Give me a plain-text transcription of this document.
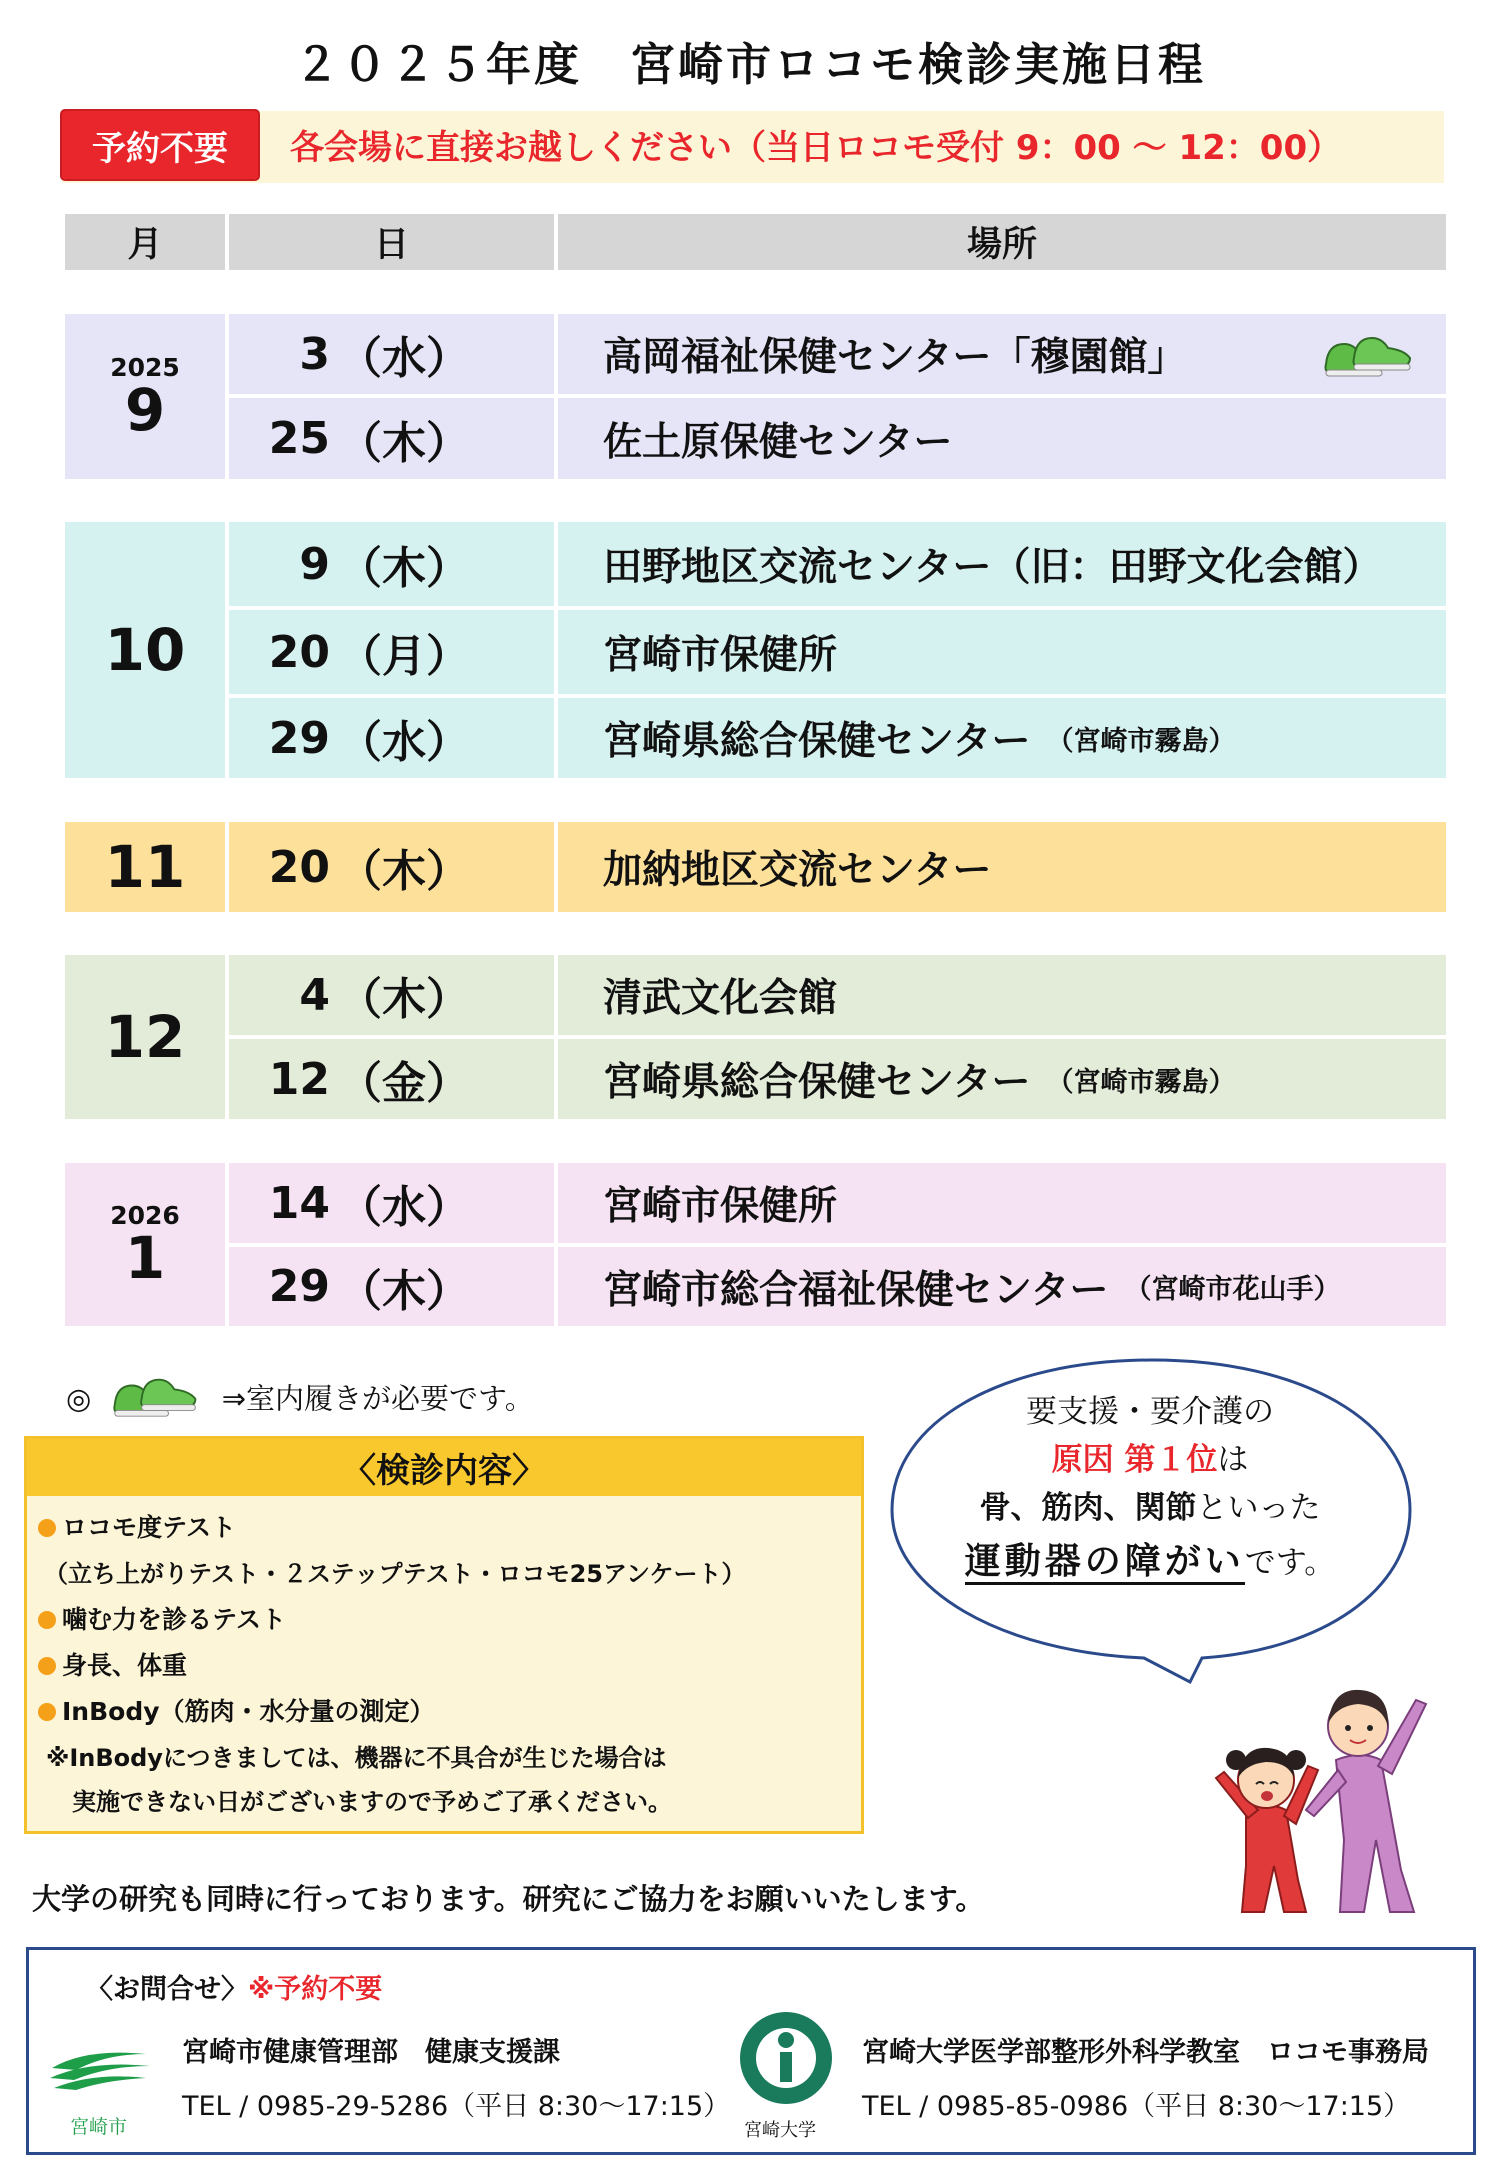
２０２５年度　宮崎市ロコモ検診実施日程
予約不要	各会場に直接お越しください（当日ロコモ受付 9：00 〜 12：00）
月	日	場所
2025
9
3 （水）	高岡福祉保健センター「穆園館」
25 （木）	佐土原保健センター
10
9 （木）	田野地区交流センター（旧：田野文化会館）
20 （月）	宮崎市保健所
29 （水）	宮崎県総合保健センター （宮崎市霧島）
11 20 （木）	加納地区交流センター
12
4 （木）	清武文化会館
12 （金）	宮崎県総合保健センター （宮崎市霧島）
2026
1
14 （水）	宮崎市保健所
29 （木）	宮崎市総合福祉保健センター （宮崎市花山手）
◎	⇒室内履きが必要です。
〈検診内容〉
ロコモ度テスト
（立ち上がりテスト・２ステップテスト・ロコモ25アンケート）
噛む力を診るテスト
身長、体重
InBody（筋肉・水分量の測定）
※InBodyにつきましては、機器に不具合が生じた場合は
実施できない日がございますので予めご了承ください。
要支援・要介護の
原因 第１位は
骨、筋肉、関節といった
運動器の障がいです。
大学の研究も同時に行っております。研究にご協力をお願いいたします。
〈お問合せ〉※予約不要
宮崎市
宮崎市健康管理部　健康支援課
TEL / 0985-29-5286（平日 8:30〜17:15）
宮崎大学
宮崎大学医学部整形外科学教室　ロコモ事務局
TEL / 0985-85-0986（平日 8:30〜17:15）
